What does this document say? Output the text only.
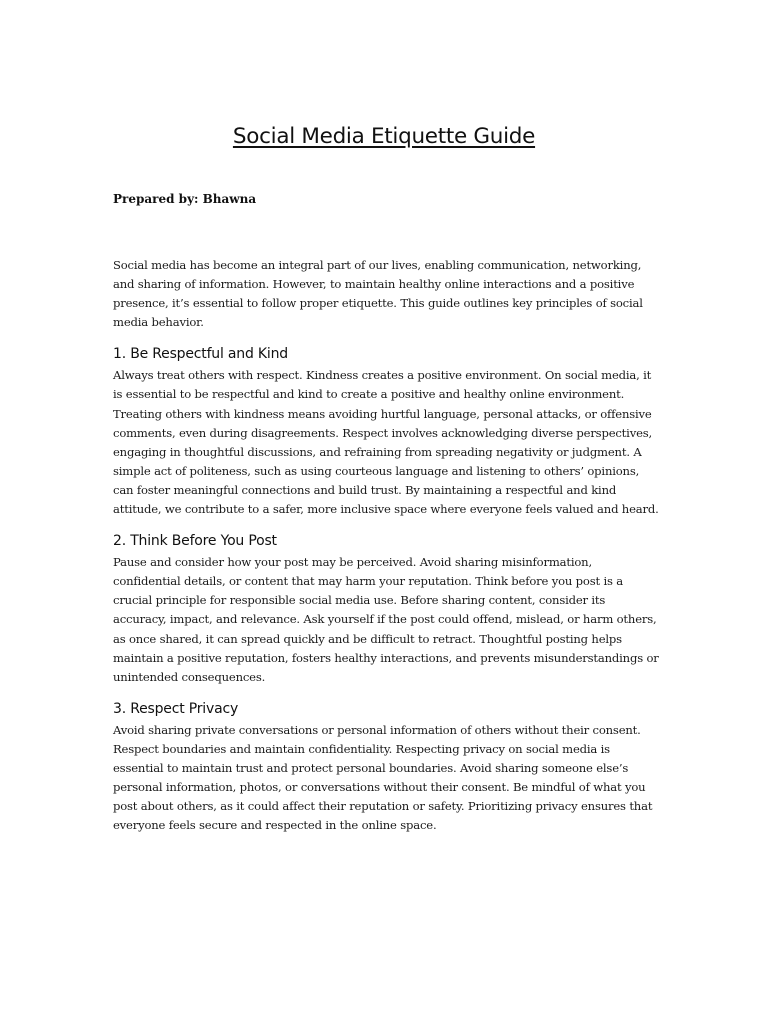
Social Media Etiquette Guide

Prepared by: Bhawna

Social media has become an integral part of our lives, enabling communication, networking, and sharing of information. However, to maintain healthy online interactions and a positive presence, it’s essential to follow proper etiquette. This guide outlines key principles of social media behavior.

1. Be Respectful and Kind

Always treat others with respect. Kindness creates a positive environment. On social media, it is essential to be respectful and kind to create a positive and healthy online environment. Treating others with kindness means avoiding hurtful language, personal attacks, or offensive comments, even during disagreements. Respect involves acknowledging diverse perspectives, engaging in thoughtful discussions, and refraining from spreading negativity or judgment. A simple act of politeness, such as using courteous language and listening to others’ opinions, can foster meaningful connections and build trust. By maintaining a respectful and kind attitude, we contribute to a safer, more inclusive space where everyone feels valued and heard.

2. Think Before You Post

Pause and consider how your post may be perceived. Avoid sharing misinformation, confidential details, or content that may harm your reputation. Think before you post is a crucial principle for responsible social media use. Before sharing content, consider its accuracy, impact, and relevance. Ask yourself if the post could offend, mislead, or harm others, as once shared, it can spread quickly and be difficult to retract. Thoughtful posting helps maintain a positive reputation, fosters healthy interactions, and prevents misunderstandings or unintended consequences.

3. Respect Privacy

Avoid sharing private conversations or personal information of others without their consent. Respect boundaries and maintain confidentiality. Respecting privacy on social media is essential to maintain trust and protect personal boundaries. Avoid sharing someone else’s personal information, photos, or conversations without their consent. Be mindful of what you post about others, as it could affect their reputation or safety. Prioritizing privacy ensures that everyone feels secure and respected in the online space.
